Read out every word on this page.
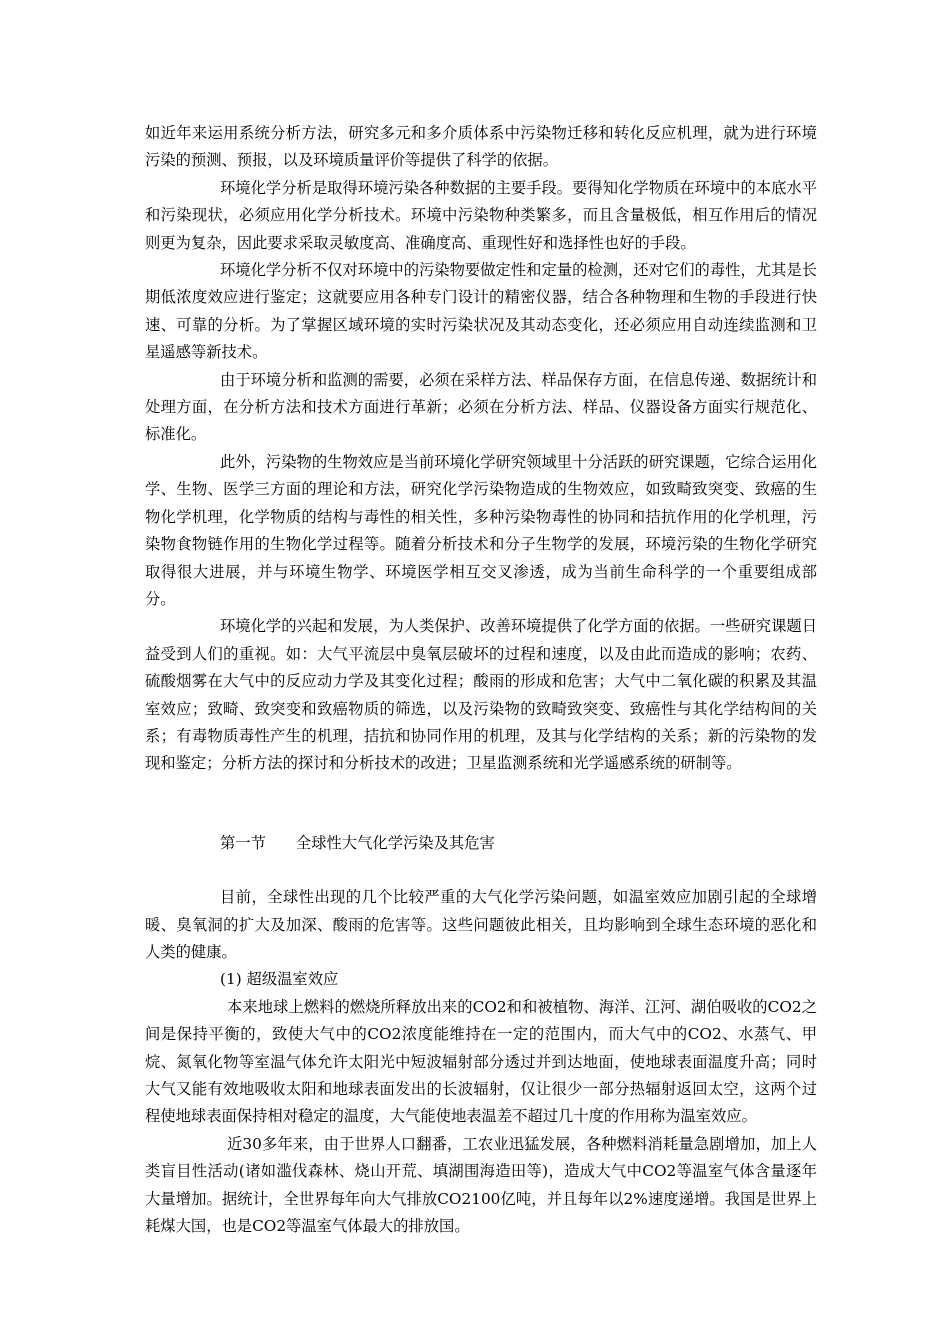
如近年来运用系统分析方法，研究多元和多介质体系中污染物迁移和转化反应机理，就为进行环境污染的预测、预报，以及环境质量评价等提供了科学的依据。

环境化学分析是取得环境污染各种数据的主要手段。要得知化学物质在环境中的本底水平和污染现状，必须应用化学分析技术。环境中污染物种类繁多，而且含量极低，相互作用后的情况则更为复杂，因此要求采取灵敏度高、准确度高、重现性好和选择性也好的手段。

环境化学分析不仅对环境中的污染物要做定性和定量的检测，还对它们的毒性，尤其是长期低浓度效应进行鉴定；这就要应用各种专门设计的精密仪器，结合各种物理和生物的手段进行快速、可靠的分析。为了掌握区域环境的实时污染状况及其动态变化，还必须应用自动连续监测和卫星遥感等新技术。

由于环境分析和监测的需要，必须在采样方法、样品保存方面，在信息传递、数据统计和处理方面，在分析方法和技术方面进行革新；必须在分析方法、样品、仪器设备方面实行规范化、标准化。

此外，污染物的生物效应是当前环境化学研究领域里十分活跃的研究课题，它综合运用化学、生物、医学三方面的理论和方法，研究化学污染物造成的生物效应，如致畸致突变、致癌的生物化学机理，化学物质的结构与毒性的相关性，多种污染物毒性的协同和拮抗作用的化学机理，污染物食物链作用的生物化学过程等。随着分析技术和分子生物学的发展，环境污染的生物化学研究取得很大进展，并与环境生物学、环境医学相互交叉渗透，成为当前生命科学的一个重要组成部分。

环境化学的兴起和发展，为人类保护、改善环境提供了化学方面的依据。一些研究课题日益受到人们的重视。如：大气平流层中臭氧层破坏的过程和速度，以及由此而造成的影响；农药、硫酸烟雾在大气中的反应动力学及其变化过程；酸雨的形成和危害；大气中二氧化碳的积累及其温室效应；致畸、致突变和致癌物质的筛选，以及污染物的致畸致突变、致癌性与其化学结构间的关系；有毒物质毒性产生的机理，拮抗和协同作用的机理，及其与化学结构的关系；新的污染物的发现和鉴定；分析方法的探讨和分析技术的改进；卫星监测系统和光学遥感系统的研制等。

第一节 全球性大气化学污染及其危害

目前，全球性出现的几个比较严重的大气化学污染问题，如温室效应加剧引起的全球增暖、臭氧洞的扩大及加深、酸雨的危害等。这些问题彼此相关，且均影响到全球生态环境的恶化和人类的健康。

(1) 超级温室效应

本来地球上燃料的燃烧所释放出来的CO2和和被植物、海洋、江河、湖伯吸收的CO2之间是保持平衡的，致使大气中的CO2浓度能维持在一定的范围内，而大气中的CO2、水蒸气、甲烷、氮氧化物等室温气体允许太阳光中短波辐射部分透过并到达地面，使地球表面温度升高；同时大气又能有效地吸收太阳和地球表面发出的长波辐射，仅让很少一部分热辐射返回太空，这两个过程使地球表面保持相对稳定的温度，大气能使地表温差不超过几十度的作用称为温室效应。

近30多年来，由于世界人口翻番，工农业迅猛发展，各种燃料消耗量急剧增加，加上人类盲目性活动(诸如滥伐森林、烧山开荒、填湖围海造田等)，造成大气中CO2等温室气体含量逐年大量增加。据统计，全世界每年向大气排放CO2100亿吨，并且每年以2%速度递增。我国是世界上耗煤大国，也是CO2等温室气体最大的排放国。
